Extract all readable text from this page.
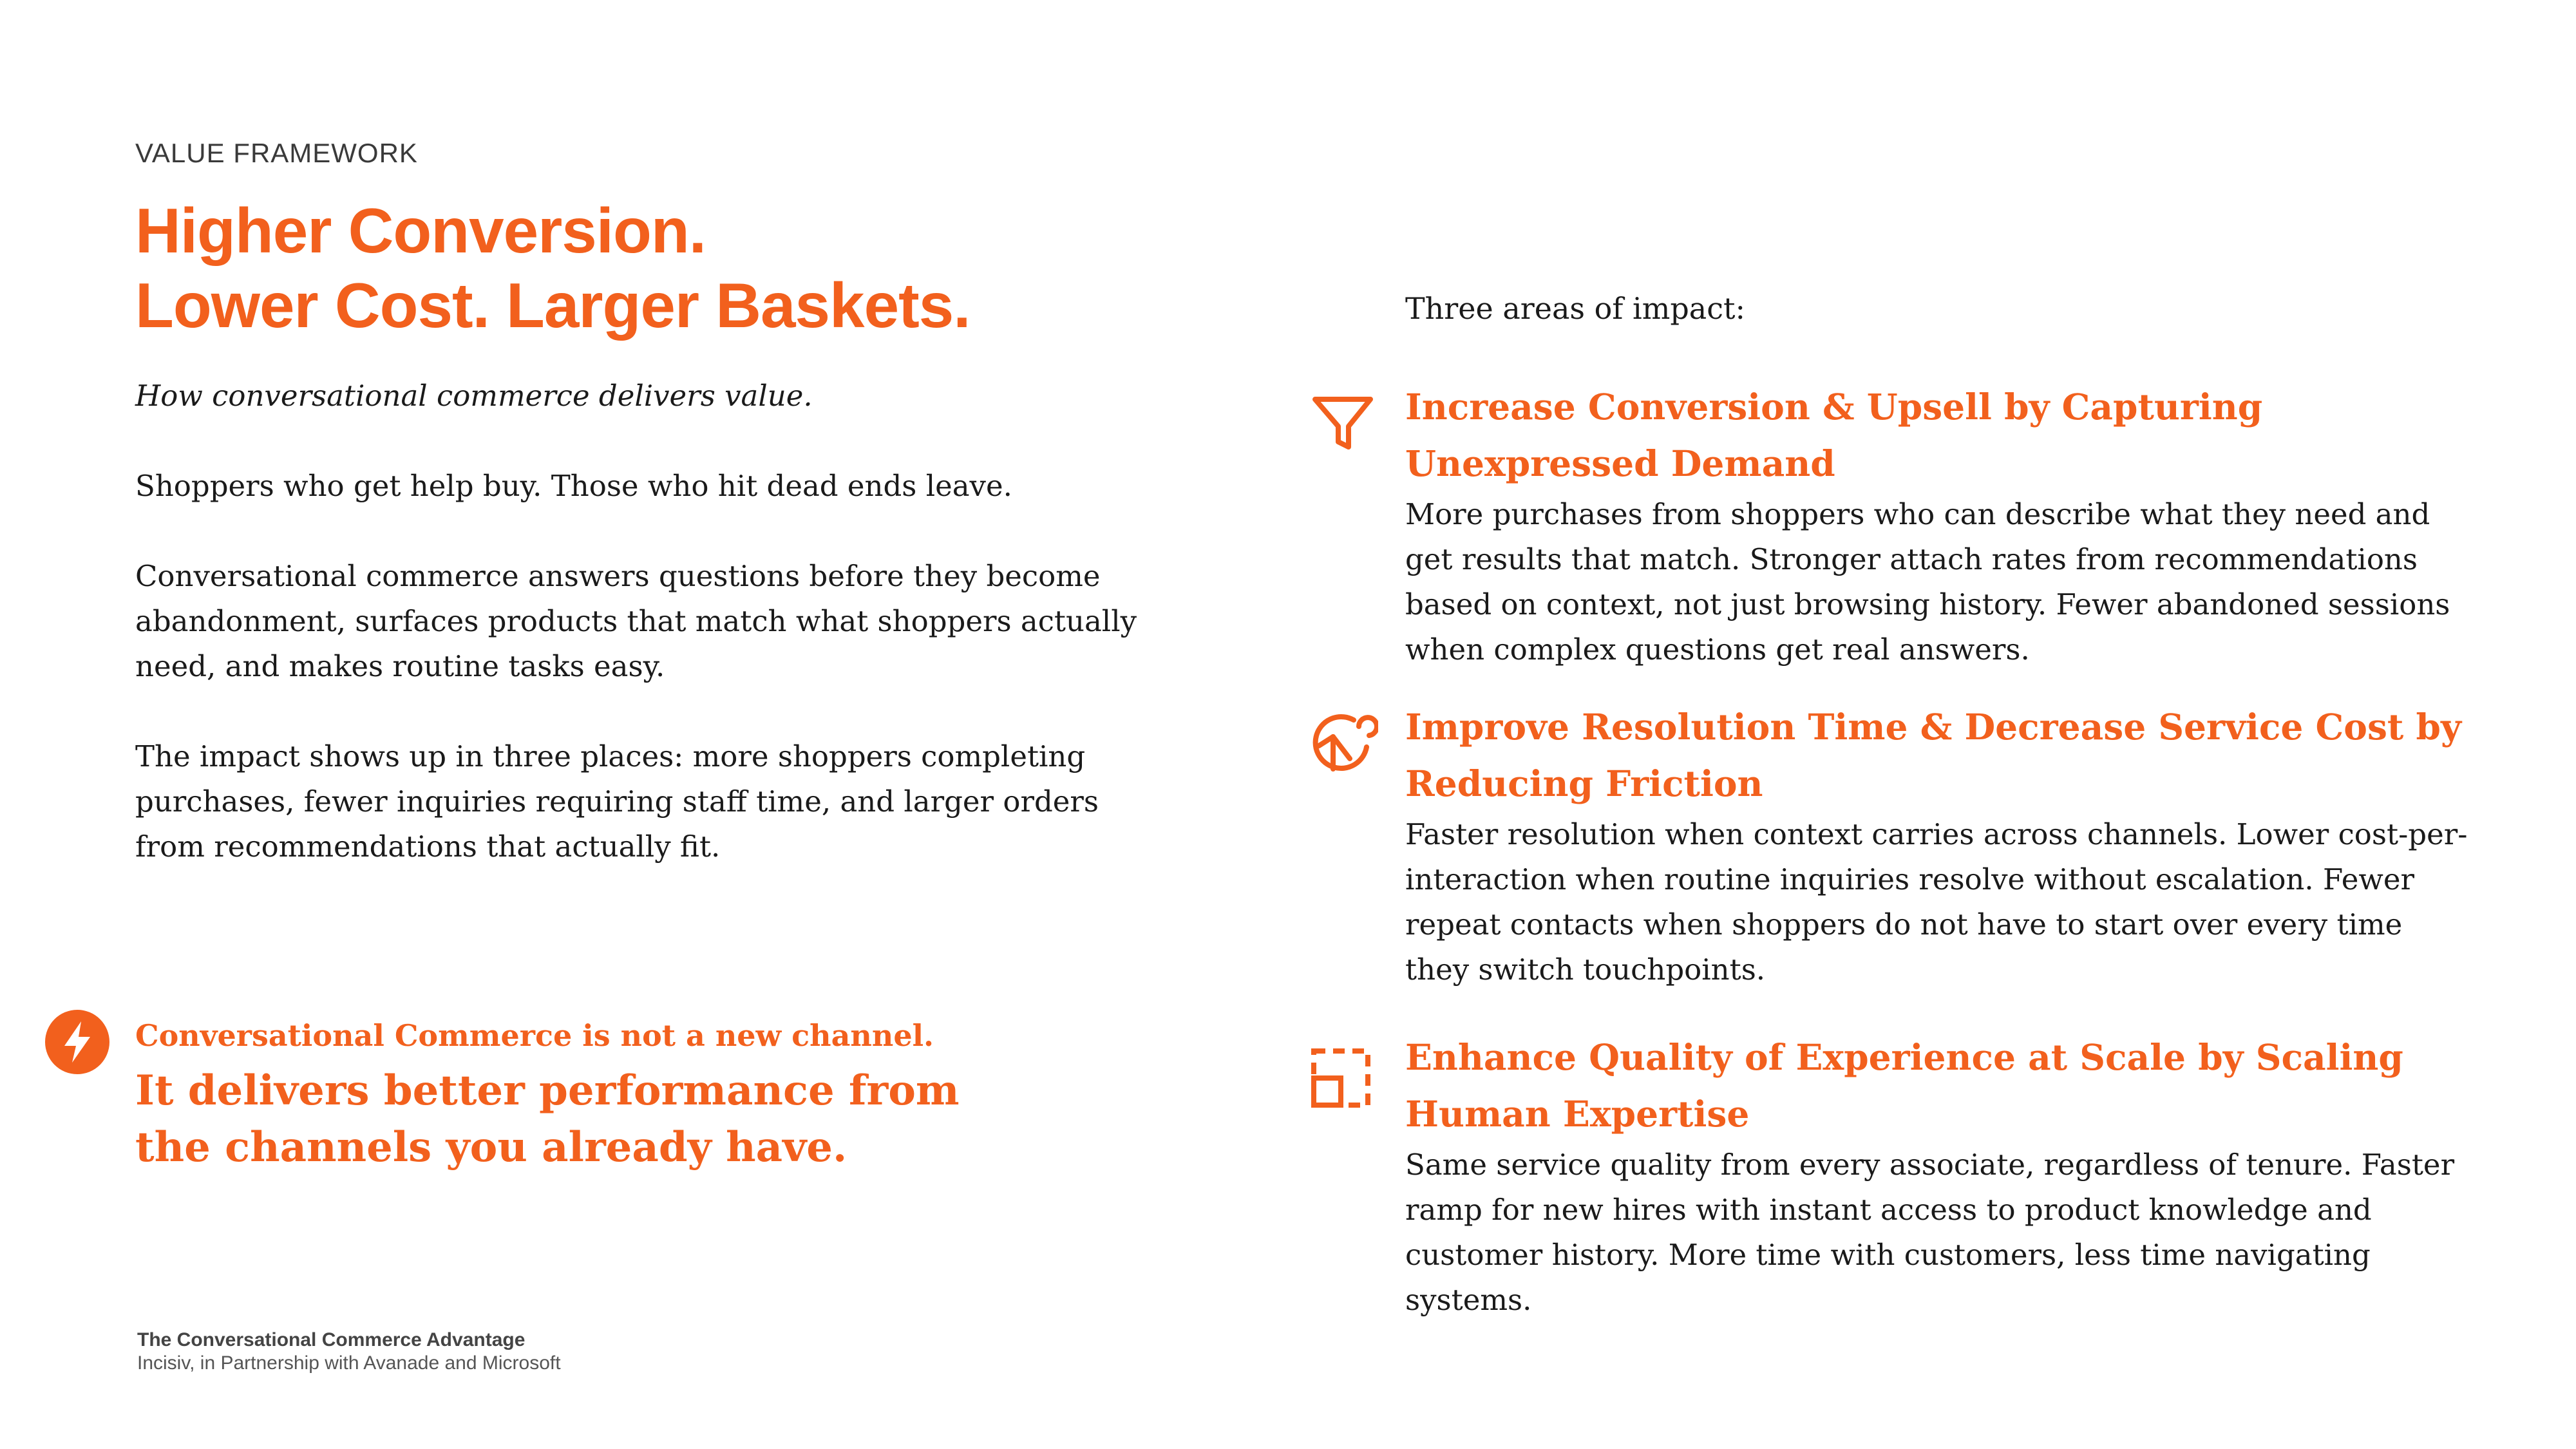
VALUE FRAMEWORK
Higher Conversion.
Lower Cost. Larger Baskets.

How conversational commerce delivers value.

Shoppers who get help buy. Those who hit dead ends leave.

Conversational commerce answers questions before they become abandonment, surfaces products that match what shoppers actually need, and makes routine tasks easy.

The impact shows up in three places: more shoppers completing purchases, fewer inquiries requiring staff time, and larger orders from recommendations that actually fit.

Conversational Commerce is not a new channel.
It delivers better performance from the channels you already have.
The Conversational Commerce Advantage
Incisiv, in Partnership with Avanade and Microsoft
Three areas of impact:
Increase Conversion & Upsell by Capturing Unexpressed Demand
More purchases from shoppers who can describe what they need and get results that match. Stronger attach rates from recommendations based on context, not just browsing history. Fewer abandoned sessions when complex questions get real answers.
Improve Resolution Time & Decrease Service Cost by Reducing Friction
Faster resolution when context carries across channels. Lower cost-per-interaction when routine inquiries resolve without escalation. Fewer repeat contacts when shoppers do not have to start over every time they switch touchpoints.
Enhance Quality of Experience at Scale by Scaling Human Expertise
Same service quality from every associate, regardless of tenure. Faster ramp for new hires with instant access to product knowledge and customer history. More time with customers, less time navigating systems.
